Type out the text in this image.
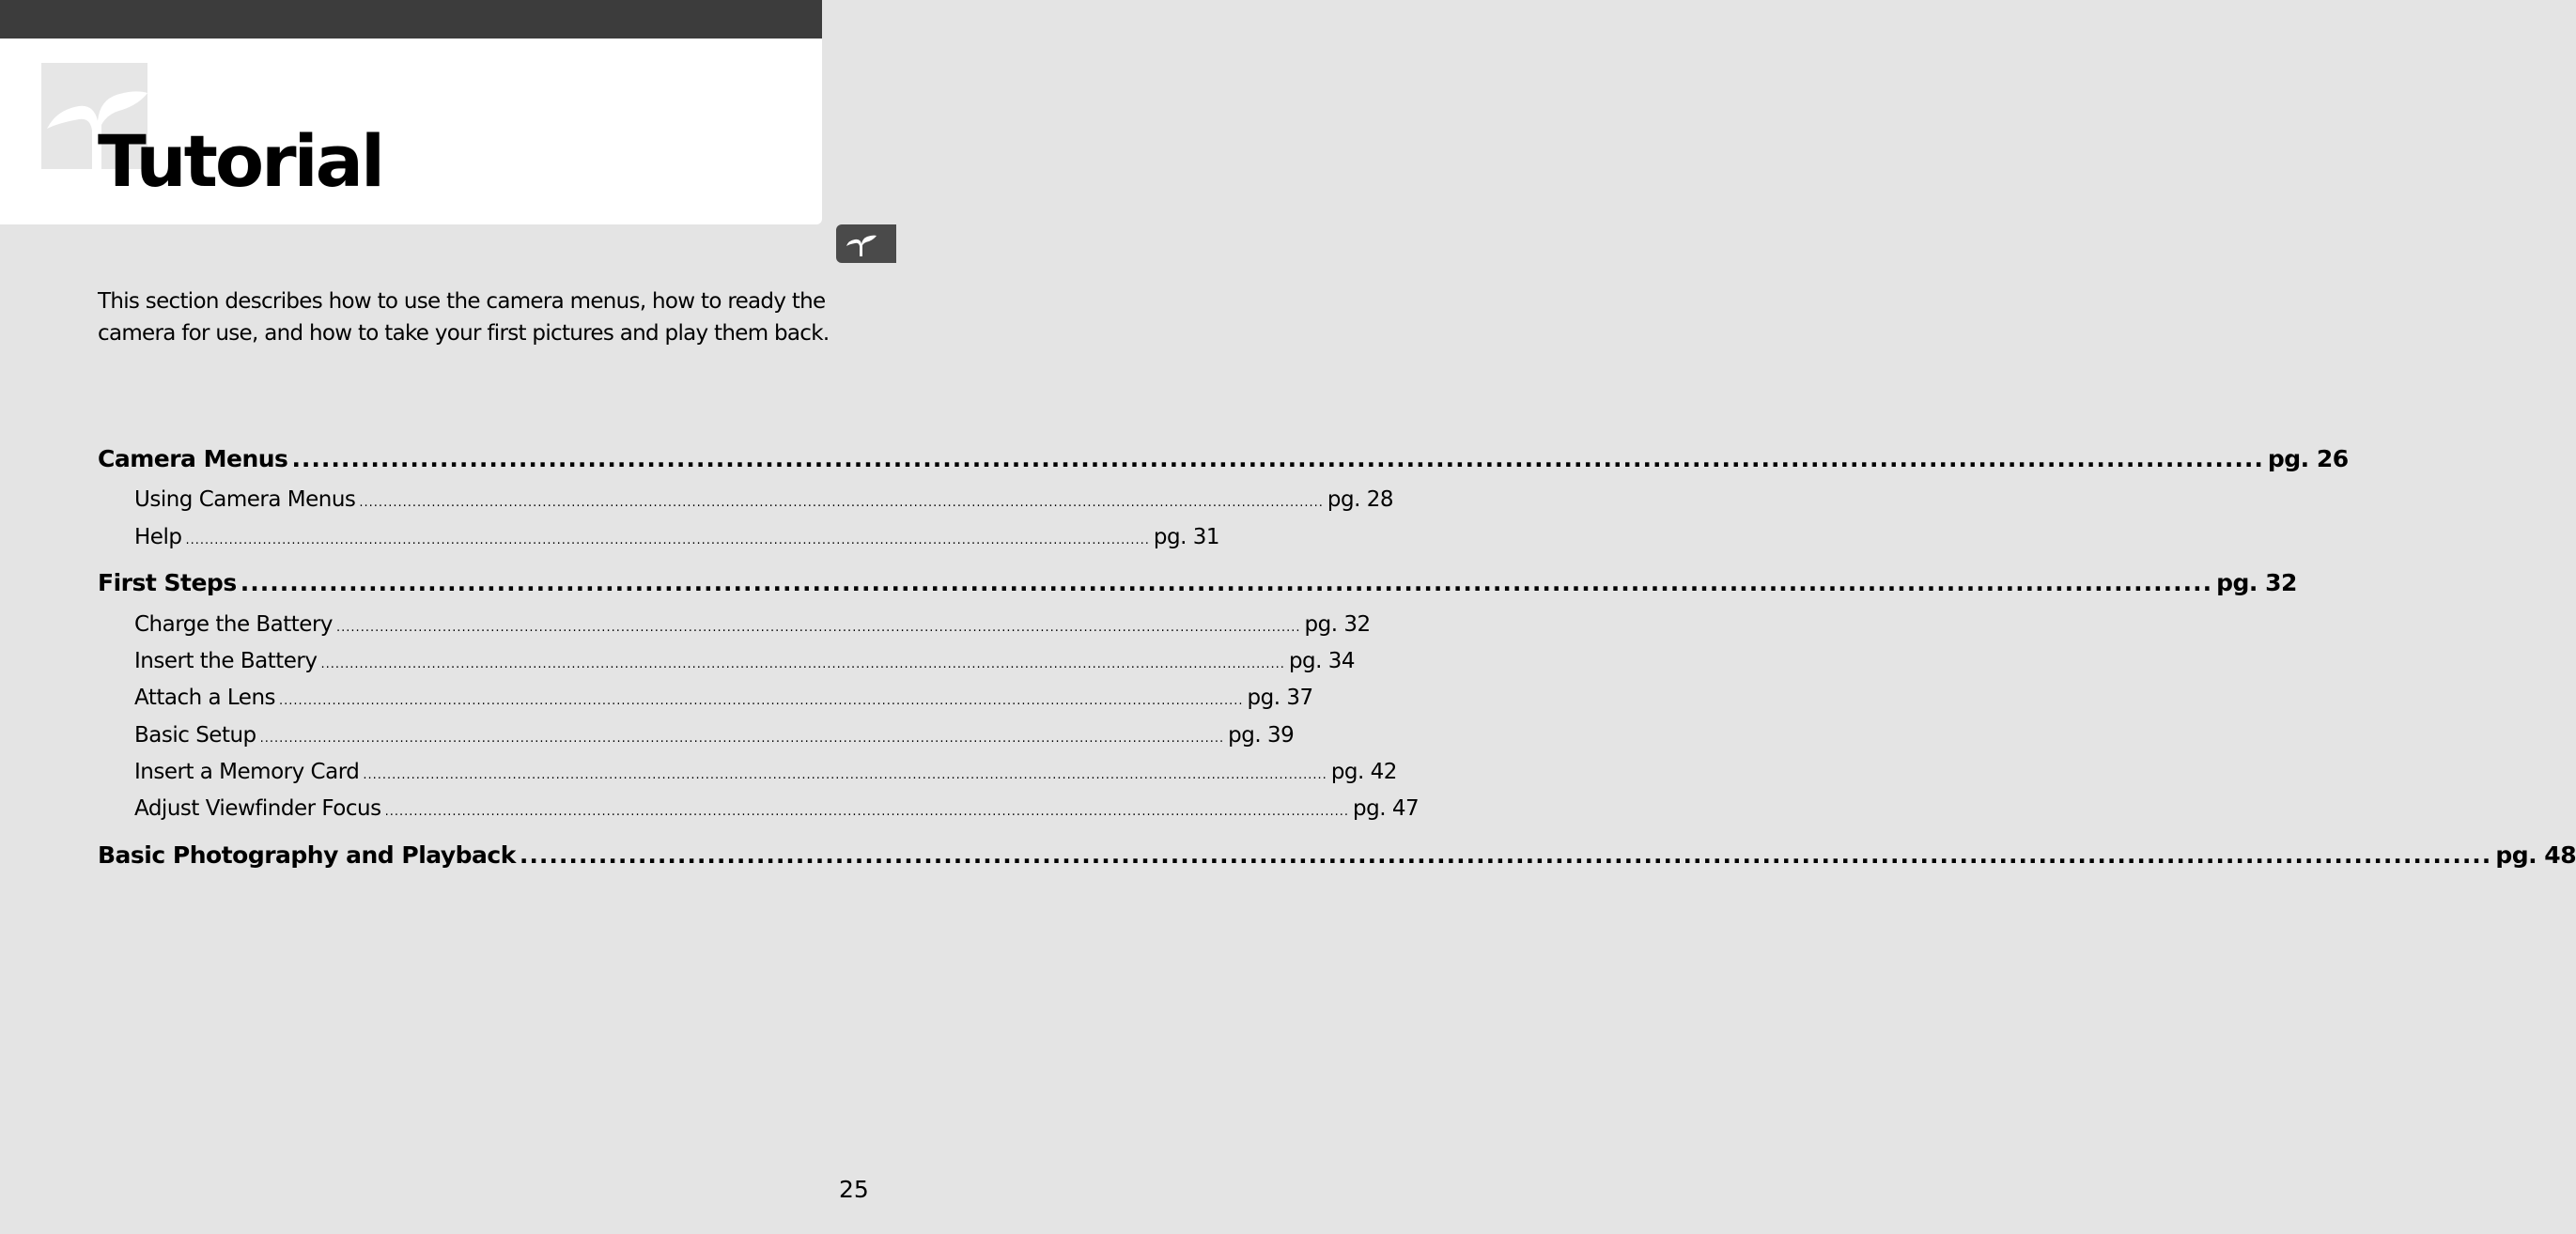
Tutorial

This section describes how to use the camera menus, how to ready the camera for use, and how to take your first pictures and play them back.

Camera Menus ........................................................................................................................................................................................................ pg. 26
Using Camera Menus ........................................................................................................................................................................................................ pg. 28
Help ........................................................................................................................................................................................................ pg. 31
First Steps ........................................................................................................................................................................................................ pg. 32
Charge the Battery ........................................................................................................................................................................................................ pg. 32
Insert the Battery ........................................................................................................................................................................................................ pg. 34
Attach a Lens ........................................................................................................................................................................................................ pg. 37
Basic Setup ........................................................................................................................................................................................................ pg. 39
Insert a Memory Card ........................................................................................................................................................................................................ pg. 42
Adjust Viewfinder Focus ........................................................................................................................................................................................................ pg. 47
Basic Photography and Playback ........................................................................................................................................................................................................ pg. 48
25
